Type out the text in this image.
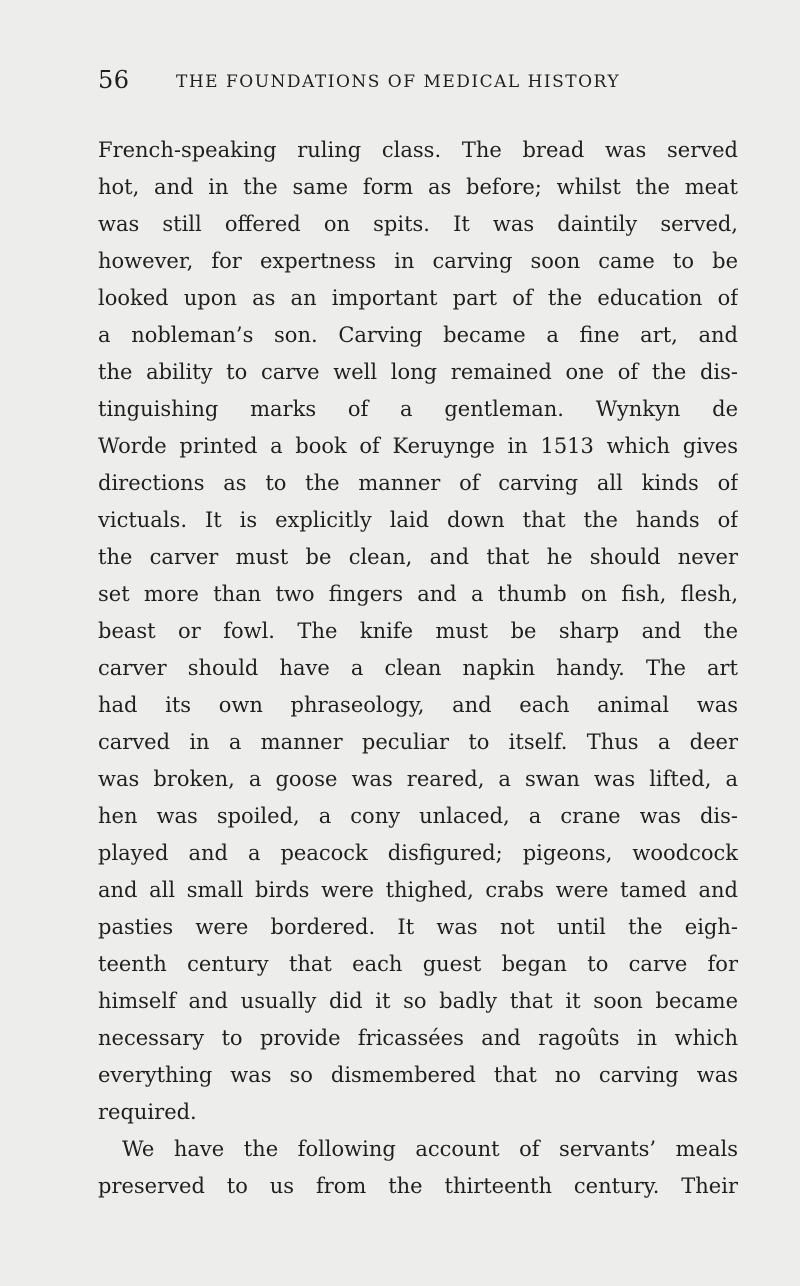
56	THE FOUNDATIONS OF MEDICAL HISTORY
French-speaking ruling class. The bread was served
hot, and in the same form as before; whilst the meat
was still offered on spits. It was daintily served,
however, for expertness in carving soon came to be
looked upon as an important part of the education of
a nobleman’s son. Carving became a fine art, and
the ability to carve well long remained one of the dis-
tinguishing marks of a gentleman. Wynkyn de
Worde printed a book of Keruynge in 1513 which gives
directions as to the manner of carving all kinds of
victuals. It is explicitly laid down that the hands of
the carver must be clean, and that he should never
set more than two fingers and a thumb on fish, flesh,
beast or fowl. The knife must be sharp and the
carver should have a clean napkin handy. The art
had its own phraseology, and each animal was
carved in a manner peculiar to itself. Thus a deer
was broken, a goose was reared, a swan was lifted, a
hen was spoiled, a cony unlaced, a crane was dis-
played and a peacock disfigured; pigeons, woodcock
and all small birds were thighed, crabs were tamed and
pasties were bordered. It was not until the eigh-
teenth century that each guest began to carve for
himself and usually did it so badly that it soon became
necessary to provide fricassées and ragoûts in which
everything was so dismembered that no carving was
required.
We have the following account of servants’ meals
preserved to us from the thirteenth century. Their
